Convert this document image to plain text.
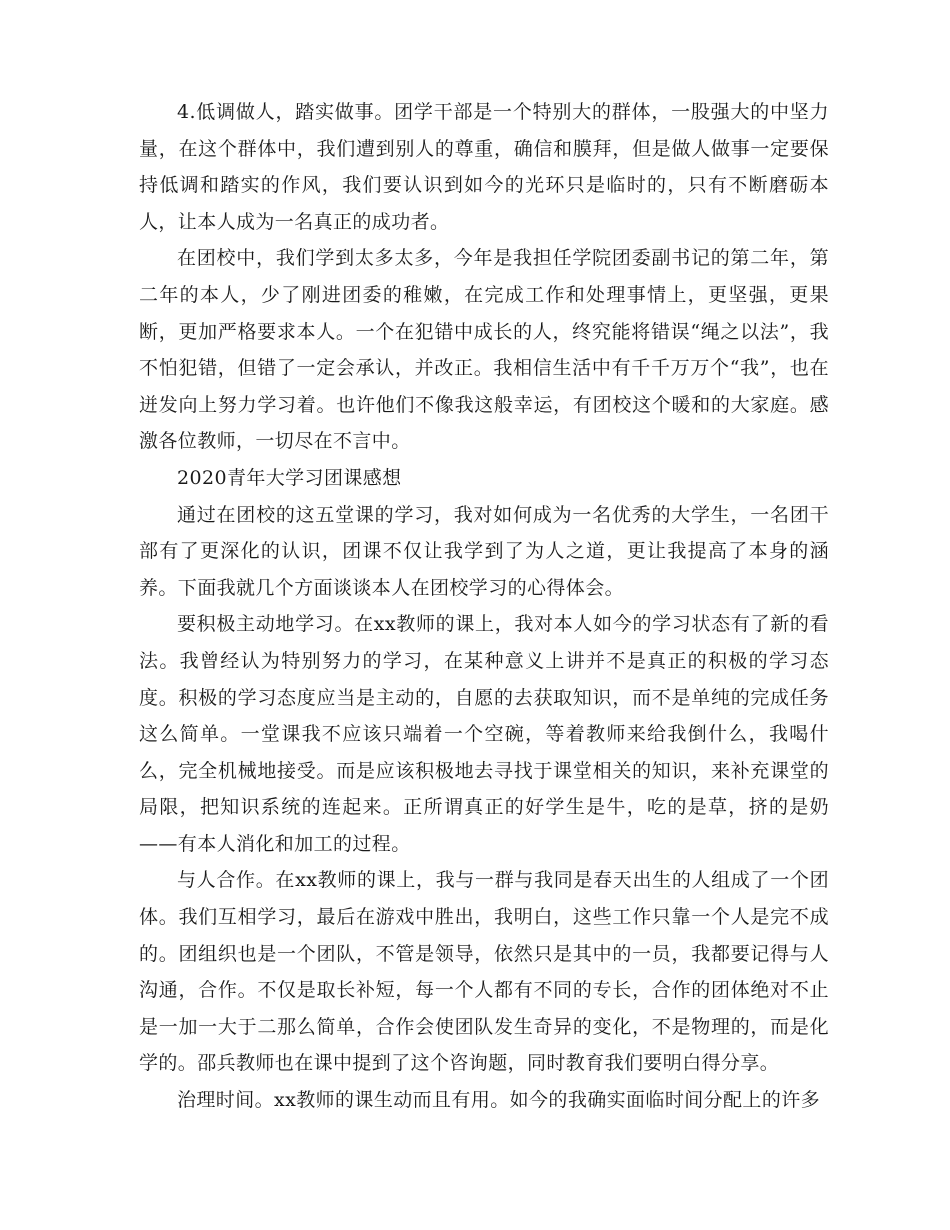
4.低调做人，踏实做事。团学干部是一个特别大的群体，一股强大的中坚力量，在这个群体中，我们遭到别人的尊重，确信和膜拜，但是做人做事一定要保持低调和踏实的作风，我们要认识到如今的光环只是临时的，只有不断磨砺本人，让本人成为一名真正的成功者。

在团校中，我们学到太多太多，今年是我担任学院团委副书记的第二年，第二年的本人，少了刚进团委的稚嫩，在完成工作和处理事情上，更坚强，更果断，更加严格要求本人。一个在犯错中成长的人，终究能将错误“绳之以法”，我不怕犯错，但错了一定会承认，并改正。我相信生活中有千千万万个“我”，也在迸发向上努力学习着。也许他们不像我这般幸运，有团校这个暖和的大家庭。感激各位教师，一切尽在不言中。

2020青年大学习团课感想

通过在团校的这五堂课的学习，我对如何成为一名优秀的大学生，一名团干部有了更深化的认识，团课不仅让我学到了为人之道，更让我提高了本身的涵养。下面我就几个方面谈谈本人在团校学习的心得体会。

要积极主动地学习。在xx教师的课上，我对本人如今的学习状态有了新的看法。我曾经认为特别努力的学习，在某种意义上讲并不是真正的积极的学习态度。积极的学习态度应当是主动的，自愿的去获取知识，而不是单纯的完成任务这么简单。一堂课我不应该只端着一个空碗，等着教师来给我倒什么，我喝什么，完全机械地接受。而是应该积极地去寻找于课堂相关的知识，来补充课堂的局限，把知识系统的连起来。正所谓真正的好学生是牛，吃的是草，挤的是奶——有本人消化和加工的过程。

与人合作。在xx教师的课上，我与一群与我同是春天出生的人组成了一个团体。我们互相学习，最后在游戏中胜出，我明白，这些工作只靠一个人是完不成的。团组织也是一个团队，不管是领导，依然只是其中的一员，我都要记得与人沟通，合作。不仅是取长补短，每一个人都有不同的专长，合作的团体绝对不止是一加一大于二那么简单，合作会使团队发生奇异的变化，不是物理的，而是化学的。邵兵教师也在课中提到了这个咨询题，同时教育我们要明白得分享。

治理时间。xx教师的课生动而且有用。如今的我确实面临时间分配上的许多
